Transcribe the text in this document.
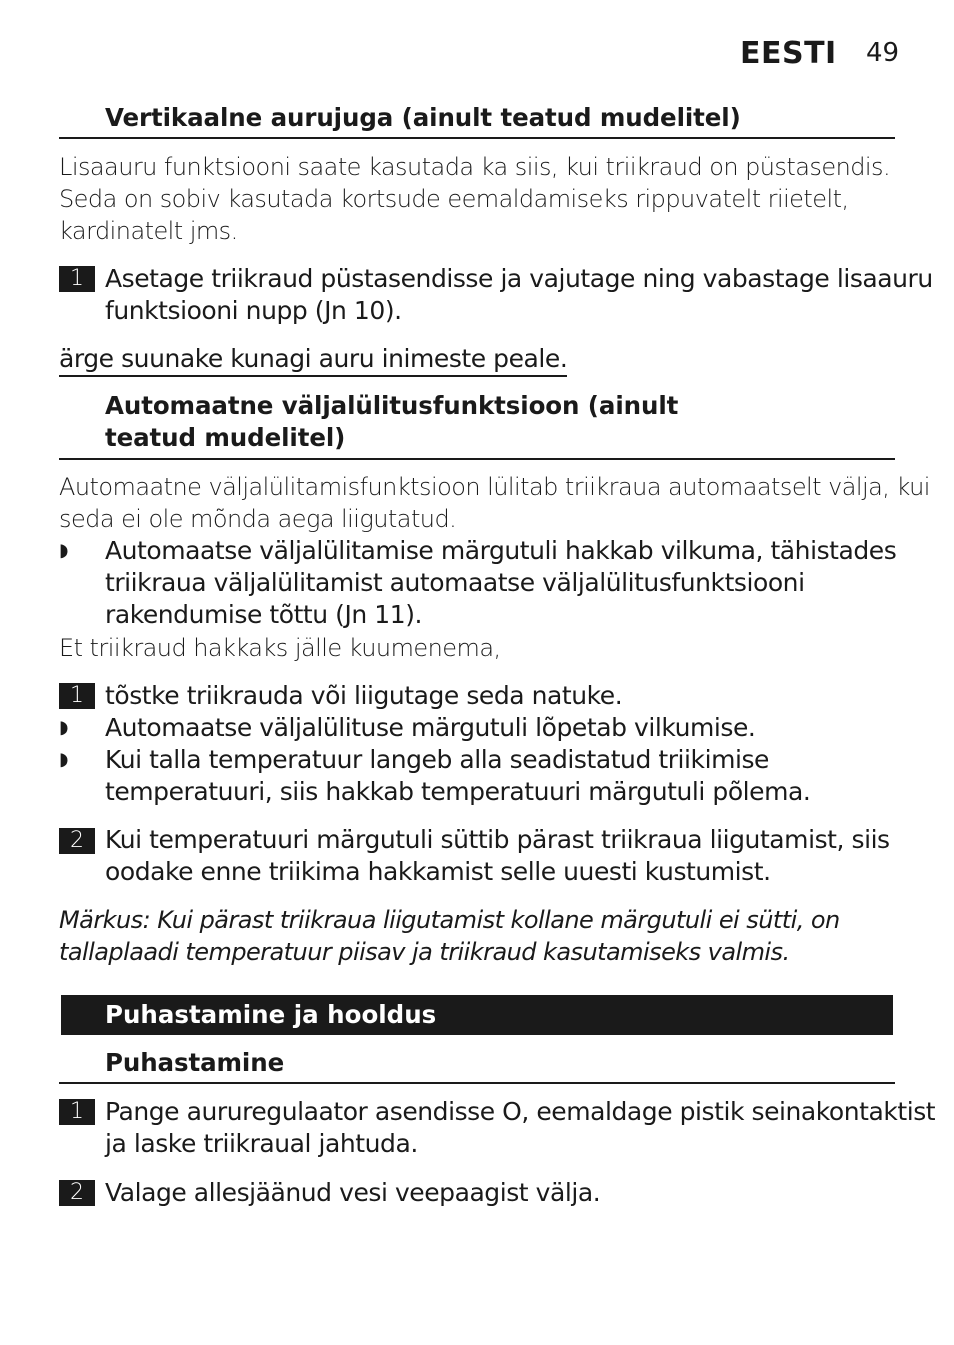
EESTI 49
Vertikaalne aurujuga (ainult teatud mudelitel)
Lisaauru funktsiooni saate kasutada ka siis, kui triikraud on püstasendis.
Seda on sobiv kasutada kortsude eemaldamiseks rippuvatelt riietelt,
kardinatelt jms.
1 Asetage triikraud püstasendisse ja vajutage ning vabastage lisaauru
funktsiooni nupp (Jn 10).
ärge suunake kunagi auru inimeste peale.
Automaatne väljalülitusfunktsioon (ainult
teatud mudelitel)
Automaatne väljalülitamisfunktsioon lülitab triikraua automaatselt välja, kui
seda ei ole mõnda aega liigutatud.
◗ Automaatse väljalülitamise märgutuli hakkab vilkuma, tähistades
triikraua väljalülitamist automaatse väljalülitusfunktsiooni
rakendumise tõttu (Jn 11).
Et triikraud hakkaks jälle kuumenema,
1 tõstke triikrauda või liigutage seda natuke.
◗ Automaatse väljalülituse märgutuli lõpetab vilkumise.
◗ Kui talla temperatuur langeb alla seadistatud triikimise
temperatuuri, siis hakkab temperatuuri märgutuli põlema.
2 Kui temperatuuri märgutuli süttib pärast triikraua liigutamist, siis
oodake enne triikima hakkamist selle uuesti kustumist.
Märkus: Kui pärast triikraua liigutamist kollane märgutuli ei sütti, on
tallaplaadi temperatuur piisav ja triikraud kasutamiseks valmis.
Puhastamine ja hooldus
Puhastamine
1 Pange aururegulaator asendisse O, eemaldage pistik seinakontaktist
ja laske triikraual jahtuda.
2 Valage allesjäänud vesi veepaagist välja.
